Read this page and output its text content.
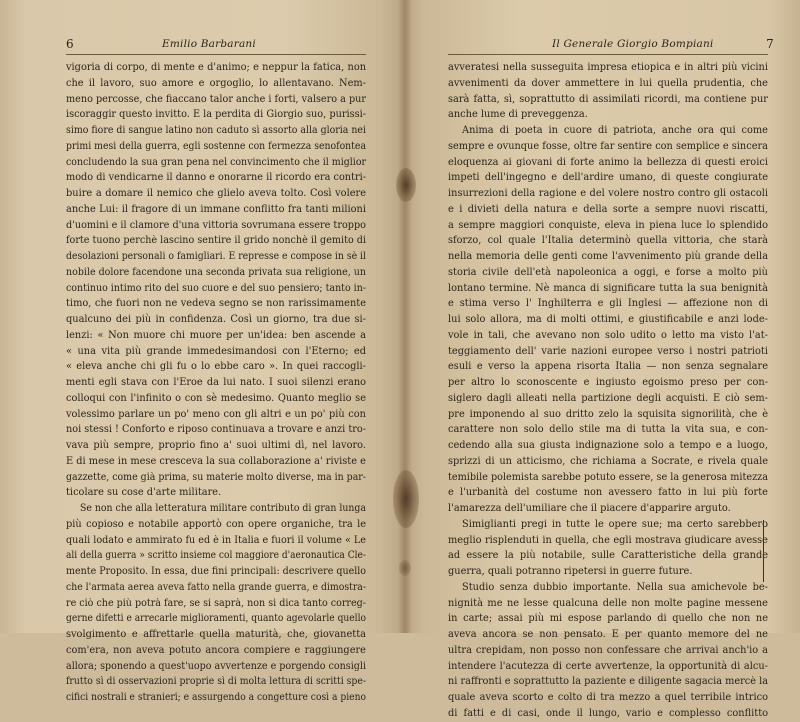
6	Emilio Barbarani
vigoria di corpo, di mente e d'animo; e neppur la fatica, non
che il lavoro, suo amore e orgoglio, lo allentavano. Nem-
meno percosse, che fiaccano talor anche i forti, valsero a pur
iscoraggir questo invitto. E la perdita di Giorgio suo, purissi-
simo fiore di sangue latino non caduto sì assorto alla gloria nei
primi mesi della guerra, egli sostenne con fermezza senofontea
concludendo la sua gran pena nel convincimento che il miglior
modo di vendicarne il danno e onorarne il ricordo era contri-
buire a domare il nemico che glielo aveva tolto. Così volere
anche Lui: il fragore di un immane conflitto fra tanti milioni
d'uomini e il clamore d'una vittoria sovrumana essere troppo
forte tuono perchè lascino sentire il grido nonchè il gemito di
desolazioni personali o famigliari. E represse e compose in sè il
nobile dolore facendone una seconda privata sua religione, un
continuo intimo rito del suo cuore e del suo pensiero; tanto in-
timo, che fuori non ne vedeva segno se non rarissimamente
qualcuno dei più in confidenza. Così un giorno, tra due si-
lenzi: « Non muore chi muore per un'idea: ben ascende a
« una vita più grande immedesimandosi con l'Eterno; ed
« eleva anche chi gli fu o lo ebbe caro ». In quei raccogli-
menti egli stava con l'Eroe da lui nato. I suoi silenzi erano
colloqui con l'infinito o con sè medesimo. Quanto meglio se
volessimo parlare un po' meno con gli altri e un po' più con
noi stessi ! Conforto e riposo continuava a trovare e anzi tro-
vava più sempre, proprio fino a' suoi ultimi dì, nel lavoro.
E di mese in mese cresceva la sua collaborazione a' riviste e
gazzette, come già prima, su materie molto diverse, ma in par-
ticolare su cose d'arte militare.
Se non che alla letteratura militare contributo di gran lunga
più copioso e notabile apportò con opere organiche, tra le
quali lodato e ammirato fu ed è in Italia e fuori il volume « Le
ali della guerra » scritto insieme col maggiore d'aeronautica Cle-
mente Proposito. In essa, due fini principali: descrivere quello
che l'armata aerea aveva fatto nella grande guerra, e dimostra-
re ciò che più potrà fare, se si saprà, non si dica tanto correg-
gerne difetti e arrecarle miglioramenti, quanto agevolarle quello
svolgimento e affrettarle quella maturità, che, giovanetta
com'era, non aveva potuto ancora compiere e raggiungere
allora; sponendo a quest'uopo avvertenze e porgendo consigli
frutto sì di osservazioni proprie sì di molta lettura di scritti spe-
cifici nostrali e stranieri; e assurgendo a congetture così a pieno
Il Generale Giorgio Bompiani	7
avveratesi nella susseguita impresa etiopica e in altri più vicini
avvenimenti da dover ammettere in lui quella prudentia, che
sarà fatta, sì, soprattutto di assimilati ricordi, ma contiene pur
anche lume di preveggenza.
Anima di poeta in cuore di patriota, anche ora qui come
sempre e ovunque fosse, oltre far sentire con semplice e sincera
eloquenza ai giovani di forte animo la bellezza di questi eroici
impeti dell'ingegno e dell'ardire umano, di queste congiurate
insurrezioni della ragione e del volere nostro contro gli ostacoli
e i divieti della natura e della sorte a sempre nuovi riscatti,
a sempre maggiori conquiste, eleva in piena luce lo splendido
sforzo, col quale l'Italia determinò quella vittoria, che starà
nella memoria delle genti come l'avvenimento più grande della
storia civile dell'età napoleonica a oggi, e forse a molto più
lontano termine. Nè manca di significare tutta la sua benignità
e stima verso l' Inghilterra e gli Inglesi — affezione non di
lui solo allora, ma di molti ottimi, e giustificabile e anzi lode-
vole in tali, che avevano non solo udito o letto ma visto l'at-
teggiamento dell' varie nazioni europee verso i nostri patrioti
esuli e verso la appena risorta Italia — non senza segnalare
per altro lo sconoscente e ingiusto egoismo preso per con-
siglero dagli alleati nella partizione degli acquisti. E ciò sem-
pre imponendo al suo dritto zelo la squisita signorilità, che è
carattere non solo dello stile ma di tutta la vita sua, e con-
cedendo alla sua giusta indignazione solo a tempo e a luogo,
sprizzi di un atticismo, che richiama a Socrate, e rivela quale
temibile polemista sarebbe potuto essere, se la generosa mitezza
e l'urbanità del costume non avessero fatto in lui più forte
l'amarezza dell'umiliare che il piacere d'apparire arguto.
Simiglianti pregi in tutte le opere sue; ma certo sarebbero
meglio risplenduti in quella, che egli mostrava giudicare avesse
ad essere la più notabile, sulle Caratteristiche della grande
guerra, quali potranno ripetersi in guerre future.
Studio senza dubbio importante. Nella sua amichevole be-
nignità me ne lesse qualcuna delle non molte pagine messene
in carte; assai più mi espose parlando di quello che non ne
aveva ancora se non pensato. E per quanto memore del ne
ultra crepidam, non posso non confessare che arrivai anch'io a
intendere l'acutezza di certe avvertenze, la opportunità di alcu-
ni raffronti e soprattutto la paziente e diligente sagacia mercè la
quale aveva scorto e colto di tra mezzo a quel terribile intrico
di fatti e di casi, onde il lungo, vario e complesso conflitto
